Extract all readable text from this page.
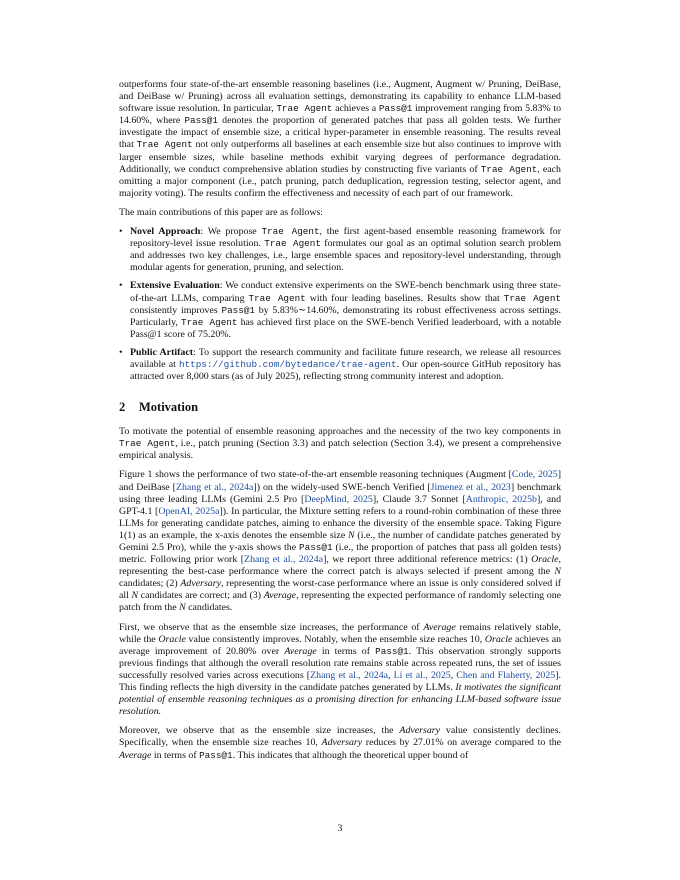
outperforms four state-of-the-art ensemble reasoning baselines (i.e., Augment, Augment w/ Pruning, DeiBase, and DeiBase w/ Pruning) across all evaluation settings, demonstrating its capability to enhance LLM-based software issue resolution. In particular, Trae Agent achieves a Pass@1 improvement ranging from 5.83% to 14.60%, where Pass@1 denotes the proportion of generated patches that pass all golden tests. We further investigate the impact of ensemble size, a critical hyper-parameter in ensemble reasoning. The results reveal that Trae Agent not only outperforms all baselines at each ensemble size but also continues to improve with larger ensemble sizes, while baseline methods exhibit varying degrees of performance degradation. Additionally, we conduct comprehensive ablation studies by constructing five variants of Trae Agent, each omitting a major component (i.e., patch pruning, patch deduplication, regression testing, selector agent, and majority voting). The results confirm the effectiveness and necessity of each part of our framework.

The main contributions of this paper are as follows:

• Novel Approach: We propose Trae Agent, the first agent-based ensemble reasoning framework for repository-level issue resolution. Trae Agent formulates our goal as an optimal solution search problem and addresses two key challenges, i.e., large ensemble spaces and repository-level understanding, through modular agents for generation, pruning, and selection.
• Extensive Evaluation: We conduct extensive experiments on the SWE-bench benchmark using three state-of-the-art LLMs, comparing Trae Agent with four leading baselines. Results show that Trae Agent consistently improves Pass@1 by 5.83%∼14.60%, demonstrating its robust effectiveness across settings. Particularly, Trae Agent has achieved first place on the SWE-bench Verified leaderboard, with a notable Pass@1 score of 75.20%.
• Public Artifact: To support the research community and facilitate future research, we release all resources available at https://github.com/bytedance/trae-agent. Our open-source GitHub repository has attracted over 8,000 stars (as of July 2025), reflecting strong community interest and adoption.
2 Motivation

To motivate the potential of ensemble reasoning approaches and the necessity of the two key components in Trae Agent, i.e., patch pruning (Section 3.3) and patch selection (Section 3.4), we present a comprehensive empirical analysis.

Figure 1 shows the performance of two state-of-the-art ensemble reasoning techniques (Augment [Code, 2025] and DeiBase [Zhang et al., 2024a]) on the widely-used SWE-bench Verified [Jimenez et al., 2023] benchmark using three leading LLMs (Gemini 2.5 Pro [DeepMind, 2025], Claude 3.7 Sonnet [Anthropic, 2025b], and GPT-4.1 [OpenAI, 2025a]). In particular, the Mixture setting refers to a round-robin combination of these three LLMs for generating candidate patches, aiming to enhance the diversity of the ensemble space. Taking Figure 1(1) as an example, the x-axis denotes the ensemble size N (i.e., the number of candidate patches generated by Gemini 2.5 Pro), while the y-axis shows the Pass@1 (i.e., the proportion of patches that pass all golden tests) metric. Following prior work [Zhang et al., 2024a], we report three additional reference metrics: (1) Oracle, representing the best-case performance where the correct patch is always selected if present among the N candidates; (2) Adversary, representing the worst-case performance where an issue is only considered solved if all N candidates are correct; and (3) Average, representing the expected performance of randomly selecting one patch from the N candidates.

First, we observe that as the ensemble size increases, the performance of Average remains relatively stable, while the Oracle value consistently improves. Notably, when the ensemble size reaches 10, Oracle achieves an average improvement of 20.80% over Average in terms of Pass@1. This observation strongly supports previous findings that although the overall resolution rate remains stable across repeated runs, the set of issues successfully resolved varies across executions [Zhang et al., 2024a, Li et al., 2025, Chen and Flaherty, 2025]. This finding reflects the high diversity in the candidate patches generated by LLMs. It motivates the significant potential of ensemble reasoning techniques as a promising direction for enhancing LLM-based software issue resolution.

Moreover, we observe that as the ensemble size increases, the Adversary value consistently declines. Specifically, when the ensemble size reaches 10, Adversary reduces by 27.01% on average compared to the Average in terms of Pass@1. This indicates that although the theoretical upper bound of

3
